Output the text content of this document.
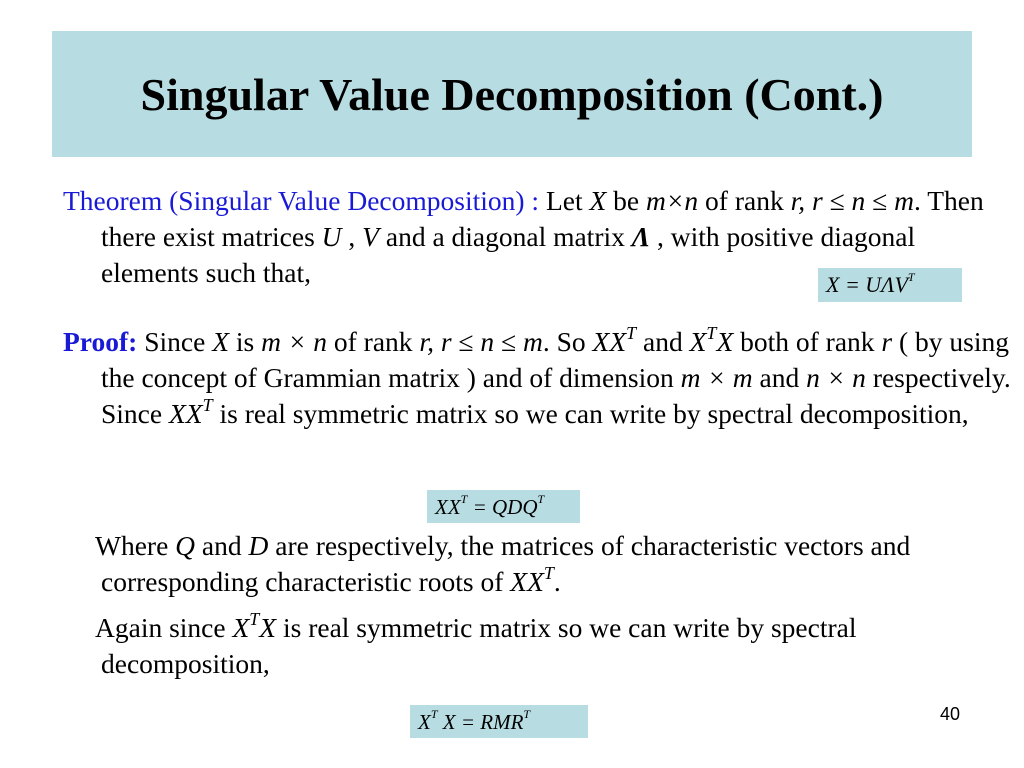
Singular Value Decomposition (Cont.)
Theorem (Singular Value Decomposition) : Let X be m×n of rank r, r ≤ n ≤ m. Then there exist matrices U , V and a diagonal matrix Λ , with positive diagonal elements such that,	$X = U\Lambda V^T$
Proof: Since X is m × n of rank r, r ≤ n ≤ m. So $XX^T$ and $X^TX$ both of rank r ( by using the concept of Grammian matrix ) and of dimension m × m and n × n respectively. Since $XX^T$ is real symmetric matrix so we can write by spectral decomposition,
$XX^T = QDQ^T$
Where Q and D are respectively, the matrices of characteristic vectors and corresponding characteristic roots of $XX^T$.
Again since $X^TX$ is real symmetric matrix so we can write by spectral decomposition,
$X^T$ $X = RMR^T$	40
